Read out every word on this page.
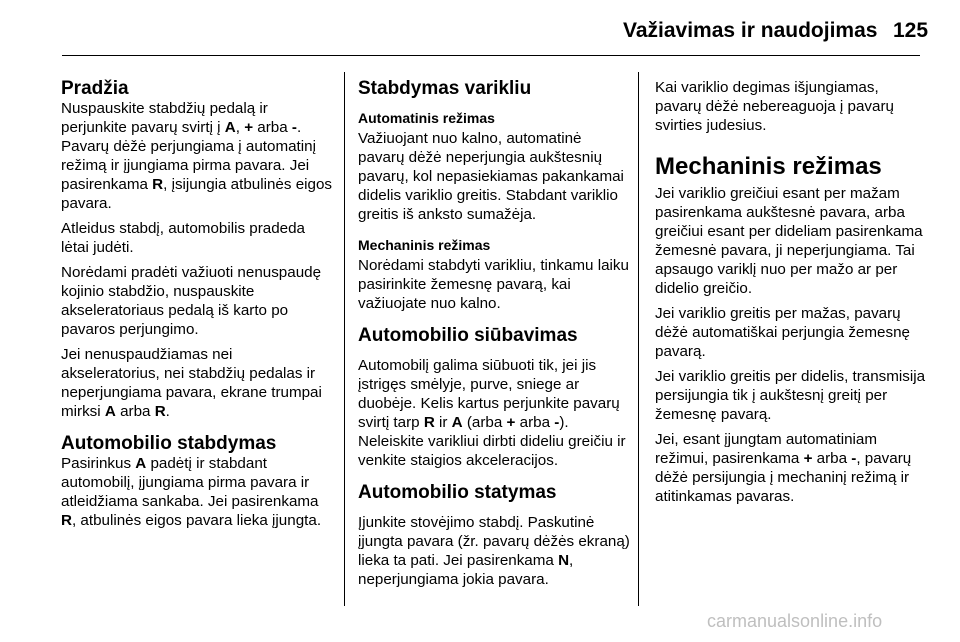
Važiavimas ir naudojimas 125
Pradžia

Nuspauskite stabdžių pedalą ir perjunkite pavarų svirtį į A, + arba -. Pavarų dėžė perjungiama į automatinį režimą ir įjungiama pirma pavara. Jei pasirenkama R, įsijungia atbulinės eigos pavara.

Atleidus stabdį, automobilis pradeda lėtai judėti.

Norėdami pradėti važiuoti nenuspaudę kojinio stabdžio, nuspauskite akseleratoriaus pedalą iš karto po pavaros perjungimo.

Jei nenuspaudžiamas nei akseleratorius, nei stabdžių pedalas ir neperjungiama pavara, ekrane trumpai mirksi A arba R.

Automobilio stabdymas

Pasirinkus A padėtį ir stabdant automobilį, įjungiama pirma pavara ir atleidžiama sankaba. Jei pasirenkama R, atbulinės eigos pavara lieka įjungta.

Stabdymas varikliu
Automatinis režimas

Važiuojant nuo kalno, automatinė pavarų dėžė neperjungia aukštesnių pavarų, kol nepasiekiamas pakankamai didelis variklio greitis. Stabdant variklio greitis iš anksto sumažėja.

Mechaninis režimas

Norėdami stabdyti varikliu, tinkamu laiku pasirinkite žemesnę pavarą, kai važiuojate nuo kalno.

Automobilio siūbavimas

Automobilį galima siūbuoti tik, jei jis įstrigęs smėlyje, purve, sniege ar duobėje. Kelis kartus perjunkite pavarų svirtį tarp R ir A (arba + arba -). Neleiskite varikliui dirbti dideliu greičiu ir venkite staigios akceleracijos.

Automobilio statymas

Įjunkite stovėjimo stabdį. Paskutinė įjungta pavara (žr. pavarų dėžės ekraną) lieka ta pati. Jei pasirenkama N, neperjungiama jokia pavara.

Kai variklio degimas išjungiamas, pavarų dėžė nebereaguoja į pavarų svirties judesius.

Mechaninis režimas

Jei variklio greičiui esant per mažam pasirenkama aukštesnė pavara, arba greičiui esant per dideliam pasirenkama žemesnė pavara, ji neperjungiama. Tai apsaugo variklį nuo per mažo ar per didelio greičio.

Jei variklio greitis per mažas, pavarų dėžė automatiškai perjungia žemesnę pavarą.

Jei variklio greitis per didelis, transmisija persijungia tik į aukštesnį greitį per žemesnę pavarą.

Jei, esant įjungtam automatiniam režimui, pasirenkama + arba -, pavarų dėžė persijungia į mechaninį režimą ir atitinkamas pavaras.

carmanualsonline.info
